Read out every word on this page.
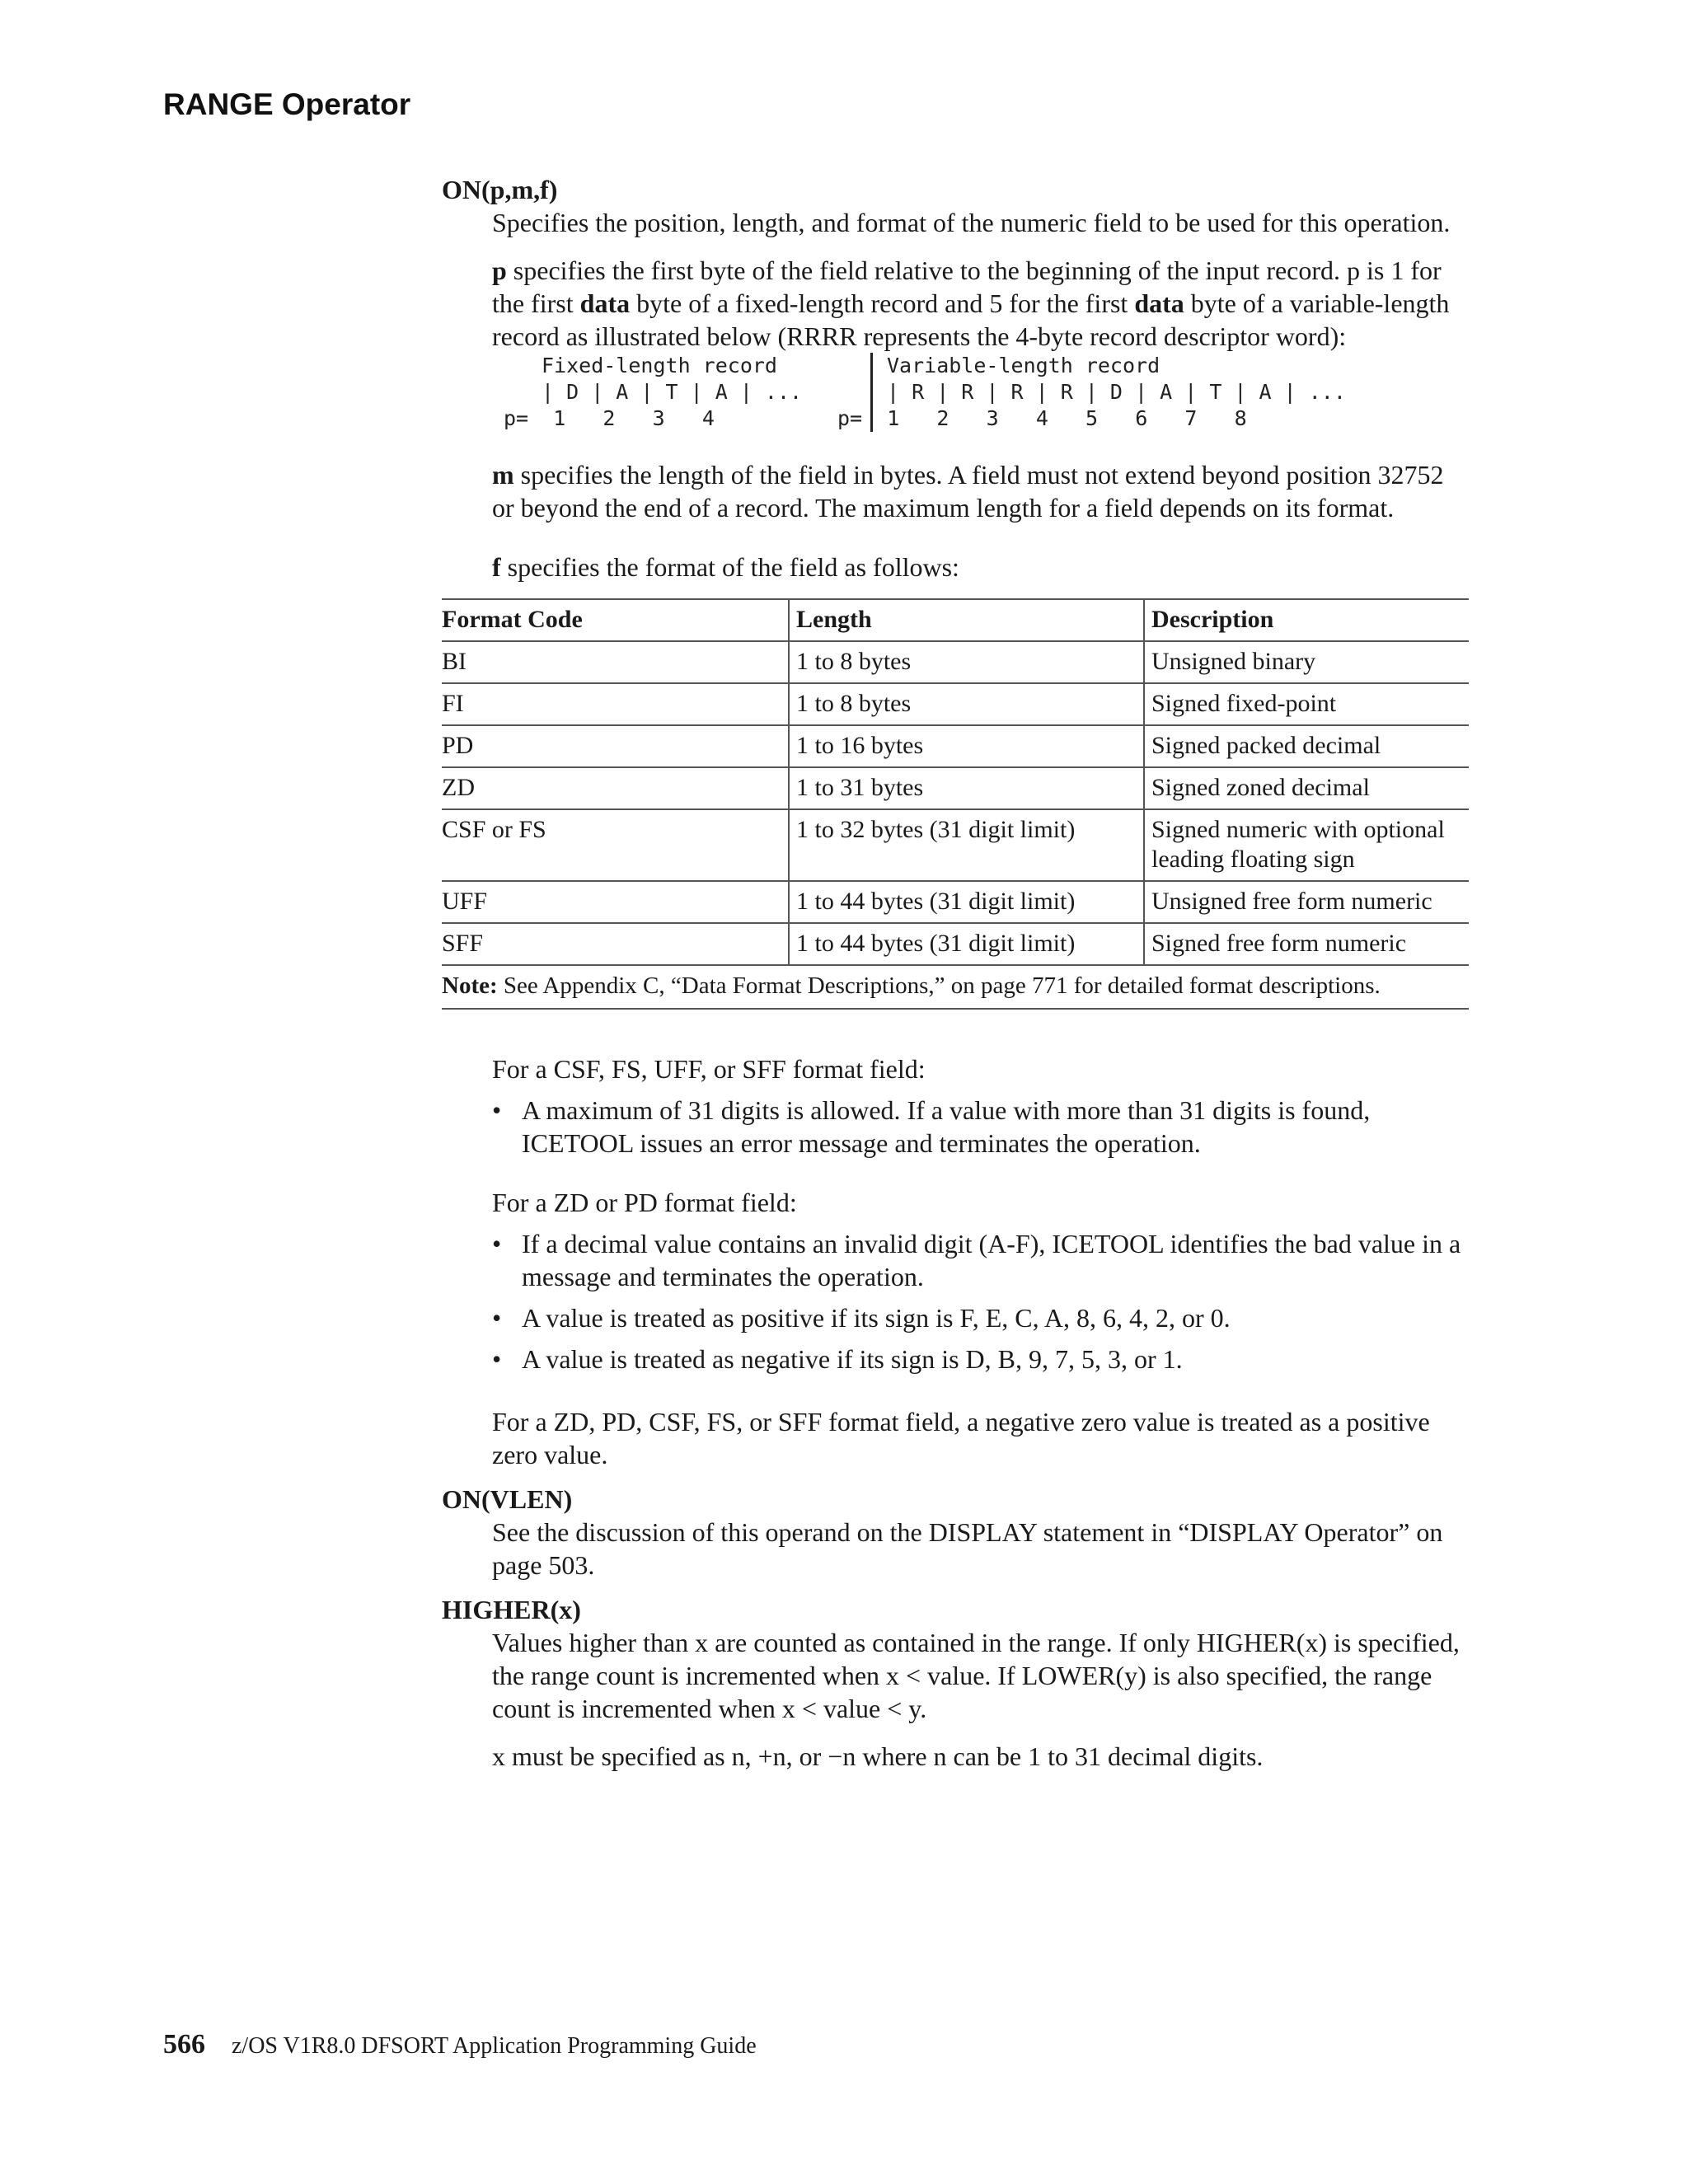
RANGE Operator
ON(p,m,f)

Specifies the position, length, and format of the numeric field to be used for this operation.

p specifies the first byte of the field relative to the beginning of the input record. p is 1 for the first data byte of a fixed-length record and 5 for the first data byte of a variable-length record as illustrated below (RRRR represents the 4-byte record descriptor word):

Fixed-length record
| D | A | T | A | ...
p=  1   2   3   4
Variable-length record
| R | R | R | R | D | A | T | A | ...
p=  1   2   3   4   5   6   7   8

m specifies the length of the field in bytes. A field must not extend beyond position 32752 or beyond the end of a record. The maximum length for a field depends on its format.

f specifies the format of the field as follows:

Format Code	Length	Description
BI	1 to 8 bytes	Unsigned binary
FI	1 to 8 bytes	Signed fixed-point
PD	1 to 16 bytes	Signed packed decimal
ZD	1 to 31 bytes	Signed zoned decimal
CSF or FS	1 to 32 bytes (31 digit limit)	Signed numeric with optional leading floating sign
UFF	1 to 44 bytes (31 digit limit)	Unsigned free form numeric
SFF	1 to 44 bytes (31 digit limit)	Signed free form numeric
Note: See Appendix C, “Data Format Descriptions,” on page 771 for detailed format descriptions.

For a CSF, FS, UFF, or SFF format field:

• A maximum of 31 digits is allowed. If a value with more than 31 digits is found, ICETOOL issues an error message and terminates the operation.

For a ZD or PD format field:

• If a decimal value contains an invalid digit (A-F), ICETOOL identifies the bad value in a message and terminates the operation.
• A value is treated as positive if its sign is F, E, C, A, 8, 6, 4, 2, or 0.
• A value is treated as negative if its sign is D, B, 9, 7, 5, 3, or 1.

For a ZD, PD, CSF, FS, or SFF format field, a negative zero value is treated as a positive zero value.

ON(VLEN)

See the discussion of this operand on the DISPLAY statement in “DISPLAY Operator” on page 503.

HIGHER(x)

Values higher than x are counted as contained in the range. If only HIGHER(x) is specified, the range count is incremented when x < value. If LOWER(y) is also specified, the range count is incremented when x < value < y.

x must be specified as n, +n, or −n where n can be 1 to 31 decimal digits.

566 z/OS V1R8.0 DFSORT Application Programming Guide
